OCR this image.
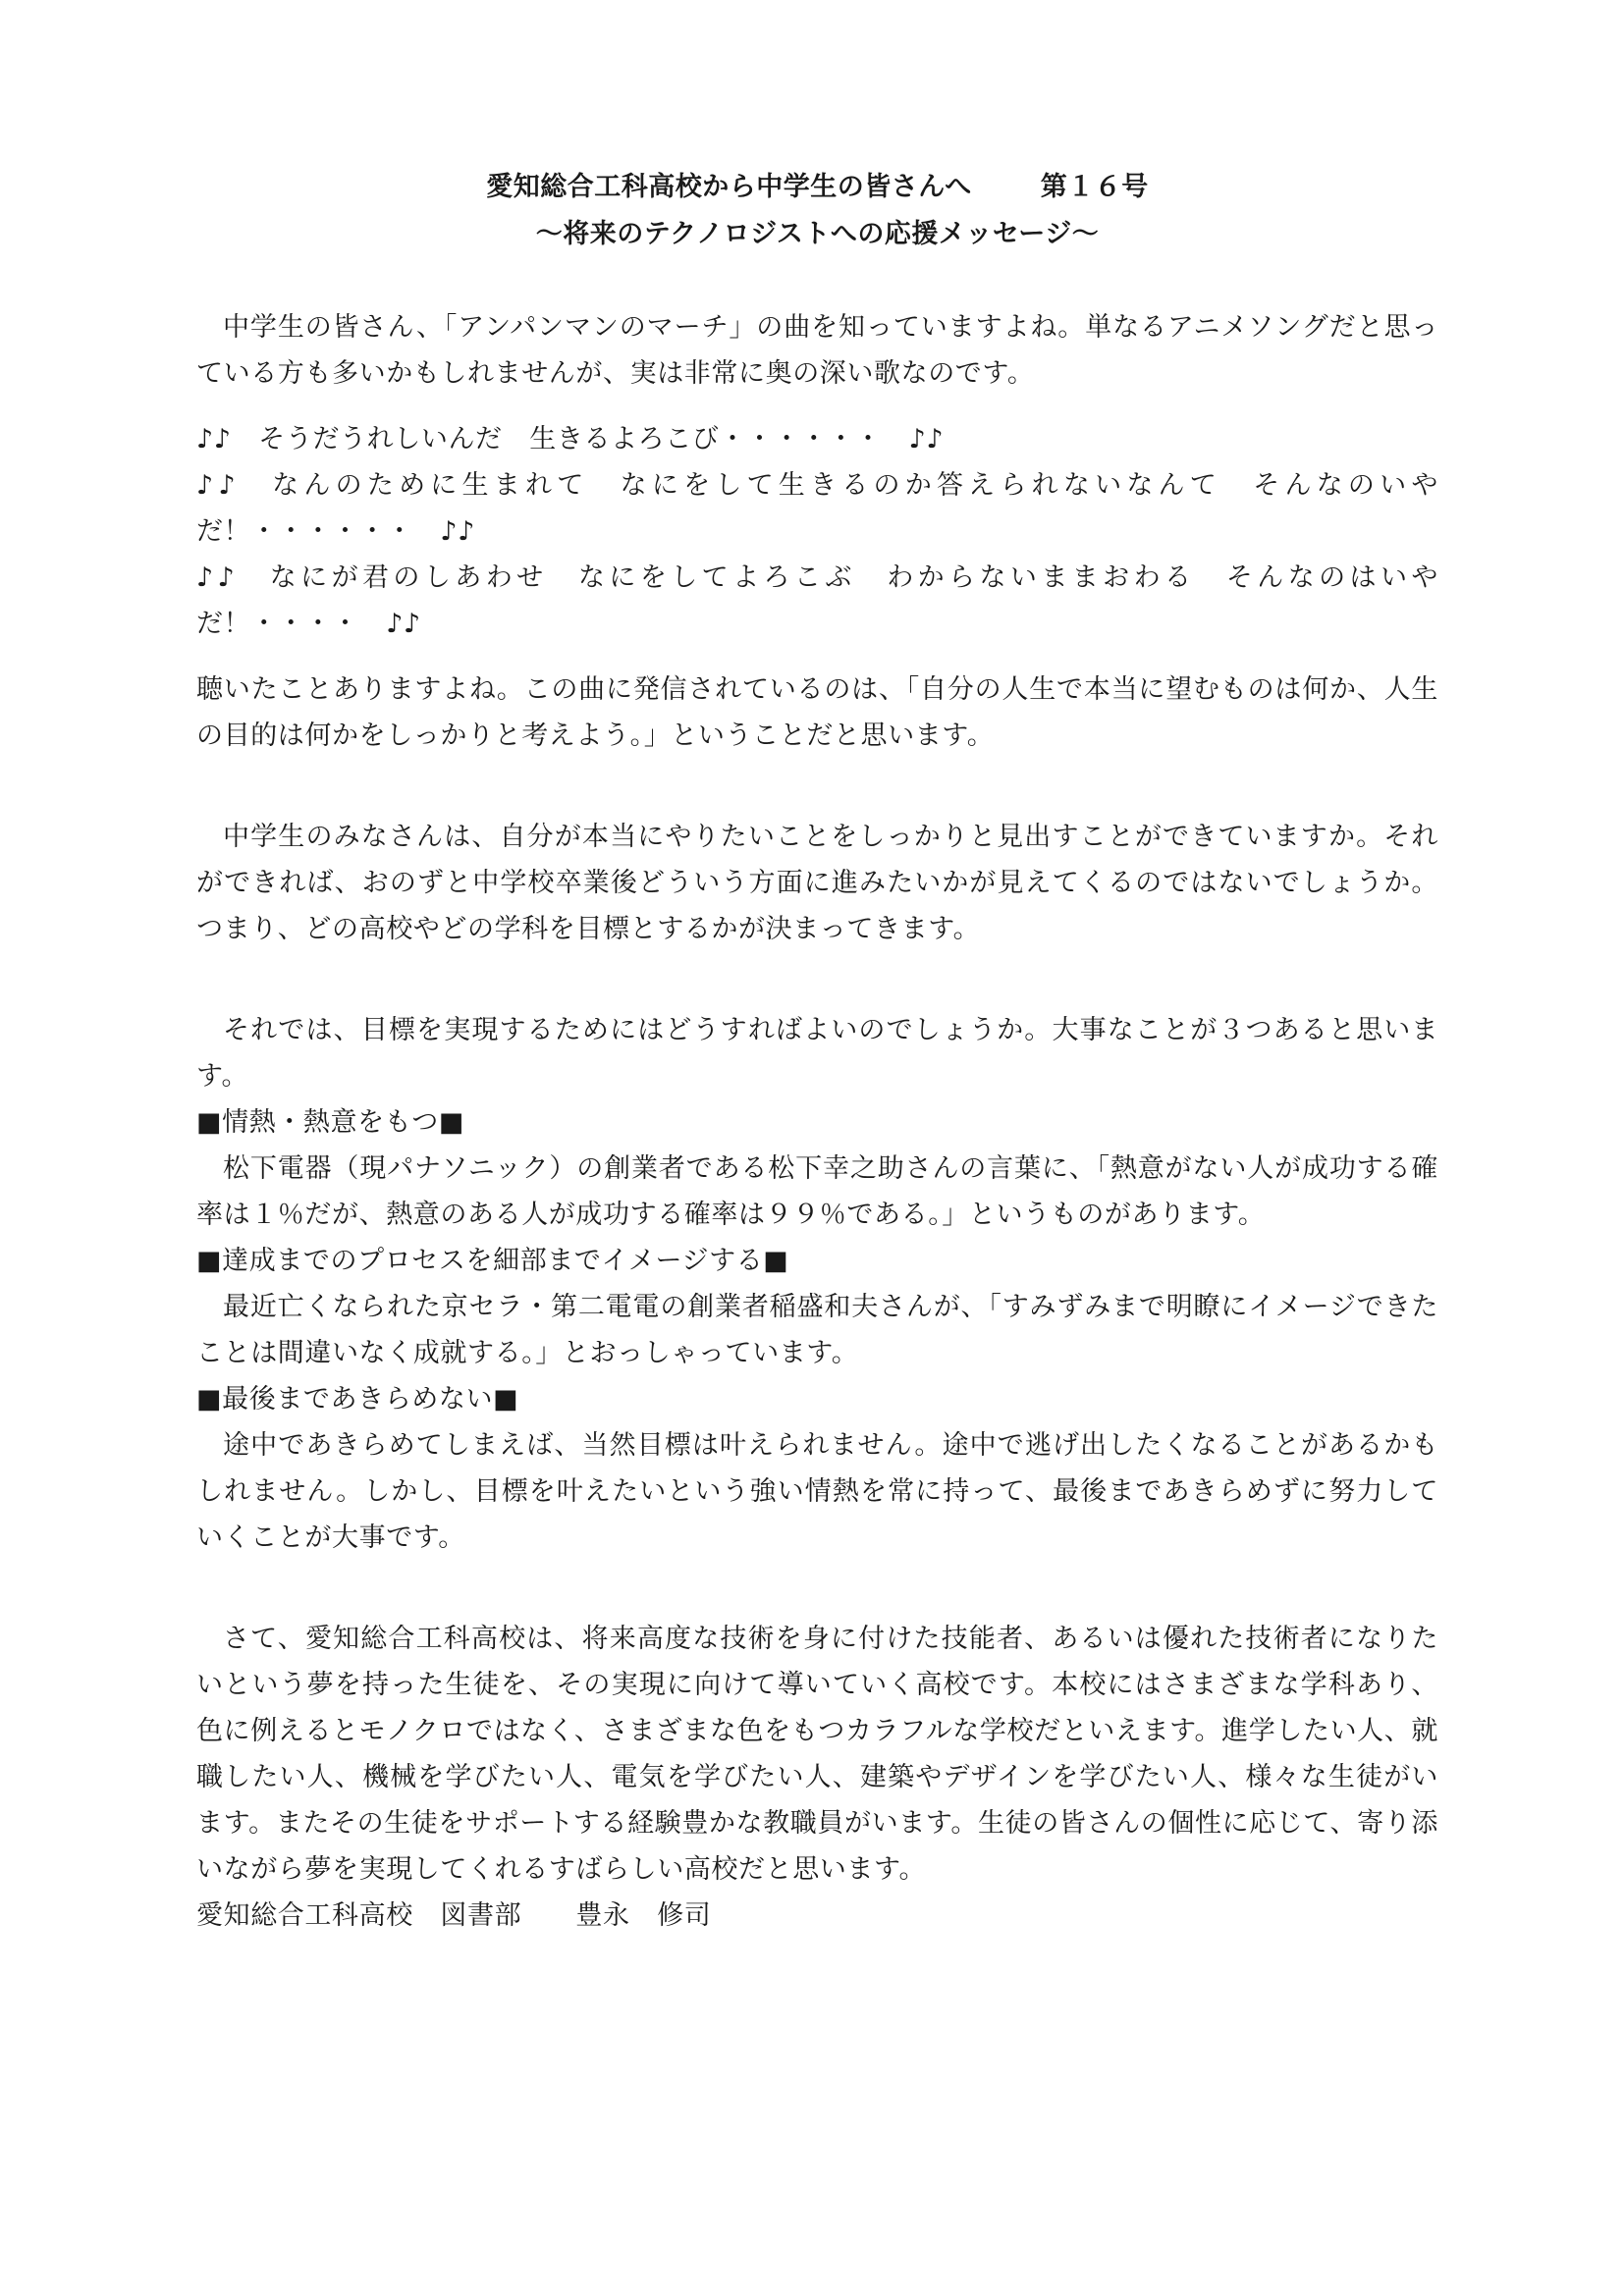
愛知総合工科高校から中学生の皆さんへ	第１６号
～将来のテクノロジストへの応援メッセージ～

中学生の皆さん、「アンパンマンのマーチ」の曲を知っていますよね。単なるアニメソングだと思っている方も多いかもしれませんが、実は非常に奥の深い歌なのです。

♪♪　そうだうれしいんだ　生きるよろこび・・・・・・　♪♪

♪♪　なんのために生まれて　なにをして生きるのか答えられないなんて　そんなのいやだ！・・・・・・　♪♪

♪♪　なにが君のしあわせ　なにをしてよろこぶ　わからないままおわる　そんなのはいやだ！・・・・　♪♪

聴いたことありますよね。この曲に発信されているのは、「自分の人生で本当に望むものは何か、人生の目的は何かをしっかりと考えよう。」ということだと思います。

中学生のみなさんは、自分が本当にやりたいことをしっかりと見出すことができていますか。それができれば、おのずと中学校卒業後どういう方面に進みたいかが見えてくるのではないでしょうか。つまり、どの高校やどの学科を目標とするかが決まってきます。

それでは、目標を実現するためにはどうすればよいのでしょうか。大事なことが３つあると思います。

■情熱・熱意をもつ■

松下電器（現パナソニック）の創業者である松下幸之助さんの言葉に、「熱意がない人が成功する確率は１％だが、熱意のある人が成功する確率は９９％である。」というものがあります。

■達成までのプロセスを細部までイメージする■

最近亡くなられた京セラ・第二電電の創業者稲盛和夫さんが、「すみずみまで明瞭にイメージできたことは間違いなく成就する。」とおっしゃっています。

■最後まであきらめない■

途中であきらめてしまえば、当然目標は叶えられません。途中で逃げ出したくなることがあるかもしれません。しかし、目標を叶えたいという強い情熱を常に持って、最後まであきらめずに努力していくことが大事です。

さて、愛知総合工科高校は、将来高度な技術を身に付けた技能者、あるいは優れた技術者になりたいという夢を持った生徒を、その実現に向けて導いていく高校です。本校にはさまざまな学科あり、色に例えるとモノクロではなく、さまざまな色をもつカラフルな学校だといえます。進学したい人、就職したい人、機械を学びたい人、電気を学びたい人、建築やデザインを学びたい人、様々な生徒がいます。またその生徒をサポートする経験豊かな教職員がいます。生徒の皆さんの個性に応じて、寄り添いながら夢を実現してくれるすばらしい高校だと思います。

愛知総合工科高校　図書部　　豊永　修司
